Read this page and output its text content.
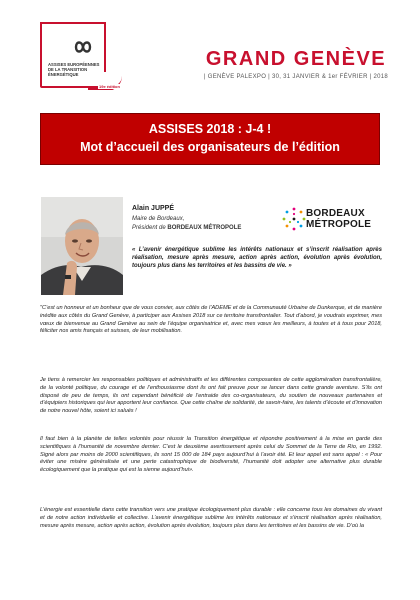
ASSISES EUROPÉENNES DE LA TRANSITION ÉNERGÉTIQUE
19e édition
GRAND GENÈVE
| GENÈVE PALEXPO | 30, 31 JANVIER & 1er FÉVRIER | 2018
ASSISES 2018 : J-4 !
Mot d’accueil des organisateurs de l’édition
Alain JUPPÉ
Maire de Bordeaux,
Président de BORDEAUX MÉTROPOLE
BORDEAUX
MÉTROPOLE
« L’avenir énergétique sublime les intérêts nationaux et s’inscrit réalisation après réalisation, mesure après mesure, action après action, évolution après évolution, toujours plus dans les territoires et les bassins de vie. »
"C’est un honneur et un bonheur que de vous convier, aux côtés de l’ADEME et de la Communauté Urbaine de Dunkerque, et de manière inédite aux côtés du Grand Genève, à participer aux Assises 2018 sur ce territoire transfrontalier. Tout d’abord, je voudrais exprimer, mes vœux de bienvenue au Grand Genève au sein de l’équipe organisatrice et, avec mes vœux les meilleurs, à toutes et à tous pour 2018, féliciter nos amis français et suisses, de leur mobilisation.
Je tiens à remercier les responsables politiques et administratifs et les différentes composantes de cette agglomération transfrontalière, de la volonté politique, du courage et de l’enthousiasme dont ils ont fait preuve pour se lancer dans cette grande aventure. S’ils ont disposé de peu de temps, ils ont cependant bénéficié de l’entraide des co-organisateurs, du soutien de nouveaux partenaires et d’équipiers historiques qui leur apportent leur confiance. Que cette chaîne de solidarité, de savoir-faire, les talents d’écoute et d’innovation de notre nouvel hôte, soient ici salués !
Il faut bien à la planète de telles volontés pour réussir la Transition énergétique et répondre positivement à la mise en garde des scientifiques à l’humanité de novembre dernier. C’est le deuxième avertissement après celui du Sommet de la Terre de Rio, en 1992. Signé alors par moins de 2000 scientifiques, ils sont 15 000 de 184 pays aujourd’hui à l’avoir été. Et leur appel est sans appel : « Pour éviter une misère généralisée et une perte catastrophique de biodiversité, l’humanité doit adopter une alternative plus durable écologiquement que la pratique qui est la sienne aujourd’hui».
L’énergie est essentielle dans cette transition vers une pratique écologiquement plus durable : elle concerne tous les domaines du vivant et de notre action individuelle et collective. L’avenir énergétique sublime les intérêts nationaux et s’inscrit réalisation après réalisation, mesure après mesure, action après action, évolution après évolution, toujours plus dans les territoires et les bassins de vie. D’où la
